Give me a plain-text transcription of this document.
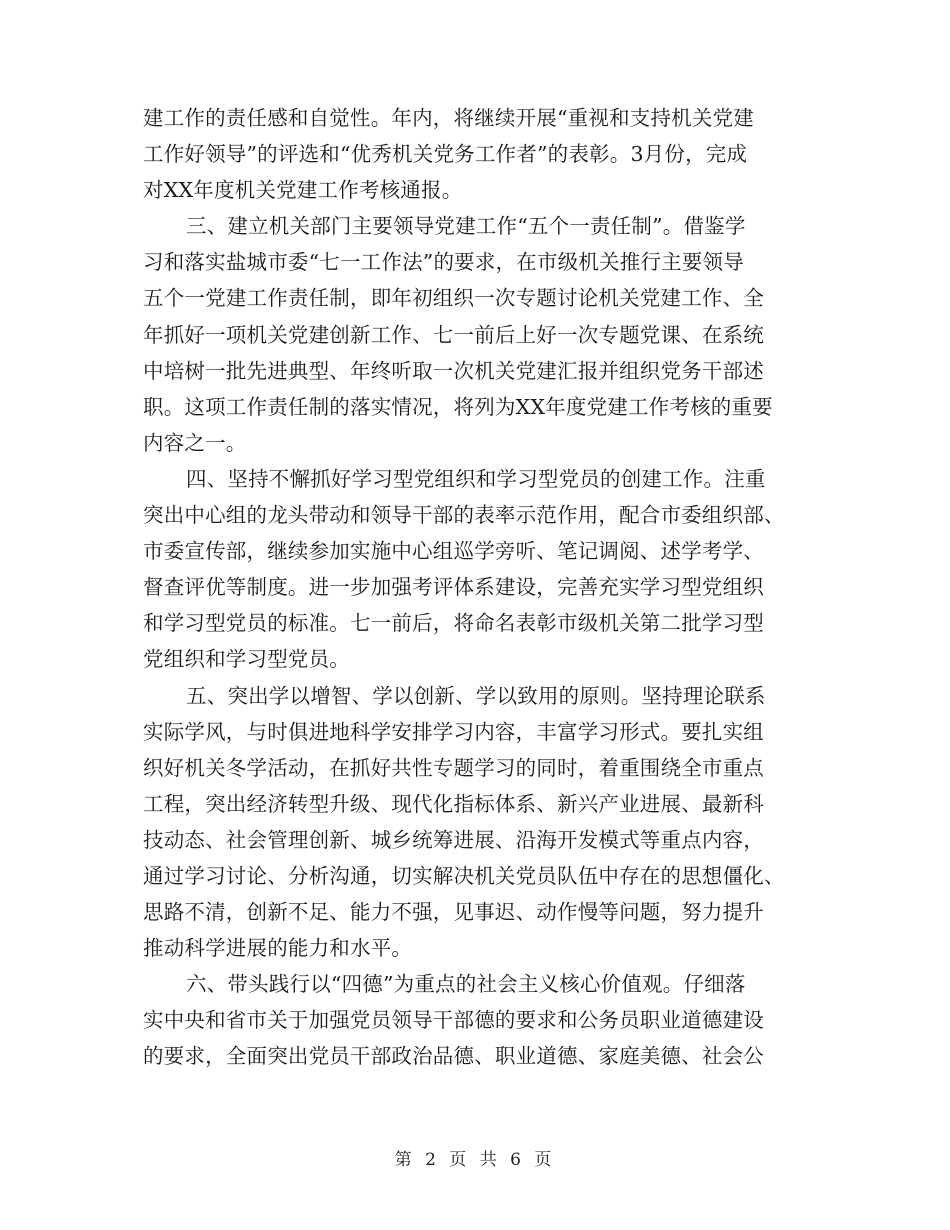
建工作的责任感和自觉性。年内，将继续开展“重视和支持机关党建
工作好领导”的评选和“优秀机关党务工作者”的表彰。3月份，完成
对XX年度机关党建工作考核通报。
三、建立机关部门主要领导党建工作“五个一责任制”。借鉴学
习和落实盐城市委“七一工作法”的要求，在市级机关推行主要领导
五个一党建工作责任制，即年初组织一次专题讨论机关党建工作、全
年抓好一项机关党建创新工作、七一前后上好一次专题党课、在系统
中培树一批先进典型、年终听取一次机关党建汇报并组织党务干部述
职。这项工作责任制的落实情况，将列为XX年度党建工作考核的重要
内容之一。
四、坚持不懈抓好学习型党组织和学习型党员的创建工作。注重
突出中心组的龙头带动和领导干部的表率示范作用，配合市委组织部、
市委宣传部，继续参加实施中心组巡学旁听、笔记调阅、述学考学、
督查评优等制度。进一步加强考评体系建设，完善充实学习型党组织
和学习型党员的标准。七一前后，将命名表彰市级机关第二批学习型
党组织和学习型党员。
五、突出学以增智、学以创新、学以致用的原则。坚持理论联系
实际学风，与时俱进地科学安排学习内容，丰富学习形式。要扎实组
织好机关冬学活动，在抓好共性专题学习的同时，着重围绕全市重点
工程，突出经济转型升级、现代化指标体系、新兴产业进展、最新科
技动态、社会管理创新、城乡统筹进展、沿海开发模式等重点内容，
通过学习讨论、分析沟通，切实解决机关党员队伍中存在的思想僵化、
思路不清，创新不足、能力不强，见事迟、动作慢等问题，努力提升
推动科学进展的能力和水平。
六、带头践行以“四德”为重点的社会主义核心价值观。仔细落
实中央和省市关于加强党员领导干部德的要求和公务员职业道德建设
的要求，全面突出党员干部政治品德、职业道德、家庭美德、社会公
第 2 页 共 6 页
